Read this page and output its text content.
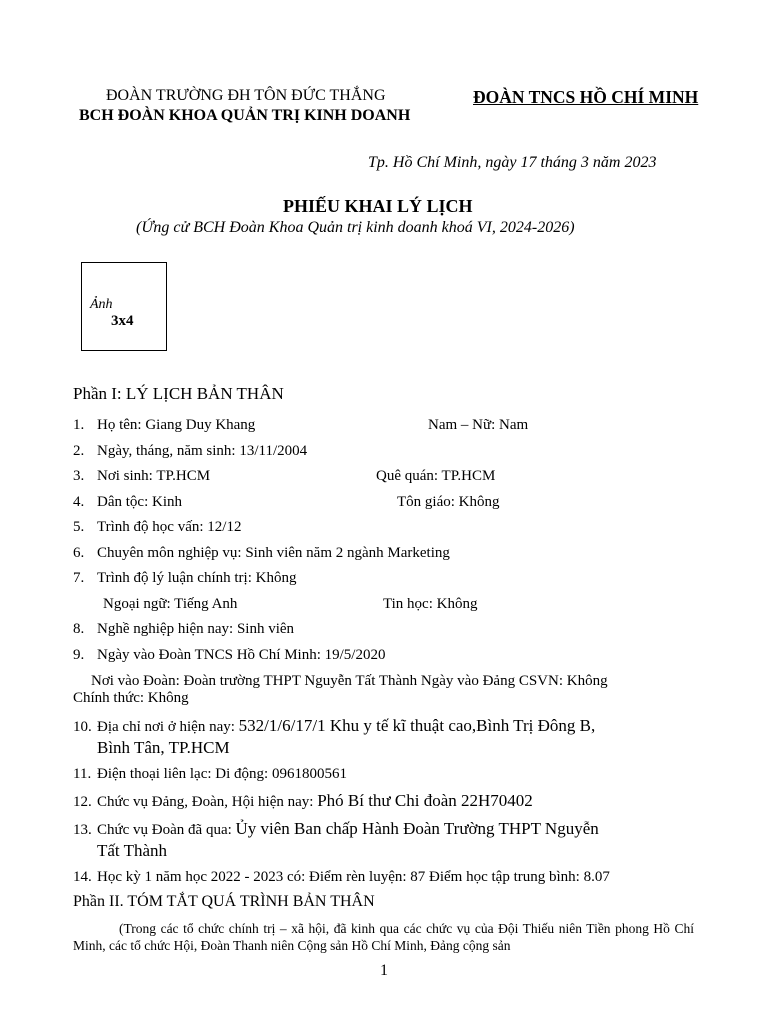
ĐOÀN TRƯỜNG ĐH TÔN ĐỨC THẮNG
BCH ĐOÀN KHOA QUẢN TRỊ KINH DOANH
ĐOÀN TNCS HỒ CHÍ MINH
Tp. Hồ Chí Minh, ngày 17 tháng 3 năm 2023
PHIẾU KHAI LÝ LỊCH
(Ứng cử BCH Đoàn Khoa Quản trị kinh doanh khoá VI, 2024-2026)
Ảnh
3x4
Phần I: LÝ LỊCH BẢN THÂN
1. Họ tên: Giang Duy Khang	Nam – Nữ: Nam
2. Ngày, tháng, năm sinh: 13/11/2004
3. Nơi sinh: TP.HCM	Quê quán: TP.HCM
4. Dân tộc: Kinh	Tôn giáo: Không
5. Trình độ học vấn: 12/12
6. Chuyên môn nghiệp vụ: Sinh viên năm 2 ngành Marketing
7. Trình độ lý luận chính trị: Không
Ngoại ngữ: Tiếng Anh	Tin học: Không
8. Nghề nghiệp hiện nay: Sinh viên
9. Ngày vào Đoàn TNCS Hồ Chí Minh: 19/5/2020
Nơi vào Đoàn: Đoàn trường THPT Nguyễn Tất Thành Ngày vào Đảng CSVN: Không
Chính thức: Không
10. Địa chỉ nơi ở hiện nay: 532/1/6/17/1 Khu y tế kĩ thuật cao,Bình Trị Đông B,
Bình Tân, TP.HCM
11. Điện thoại liên lạc: Di động: 0961800561
12. Chức vụ Đảng, Đoàn, Hội hiện nay: Phó Bí thư Chi đoàn 22H70402
13. Chức vụ Đoàn đã qua: Ủy viên Ban chấp Hành Đoàn Trường THPT Nguyễn
Tất Thành
14. Học kỳ 1 năm học 2022 - 2023 có: Điểm rèn luyện: 87 Điểm học tập trung bình: 8.07
Phần II. TÓM TẮT QUÁ TRÌNH BẢN THÂN
(Trong các tổ chức chính trị – xã hội, đã kinh qua các chức vụ của Đội Thiếu niên Tiền phong Hồ Chí Minh, các tổ chức Hội, Đoàn Thanh niên Cộng sản Hồ Chí Minh, Đảng cộng sản
1
